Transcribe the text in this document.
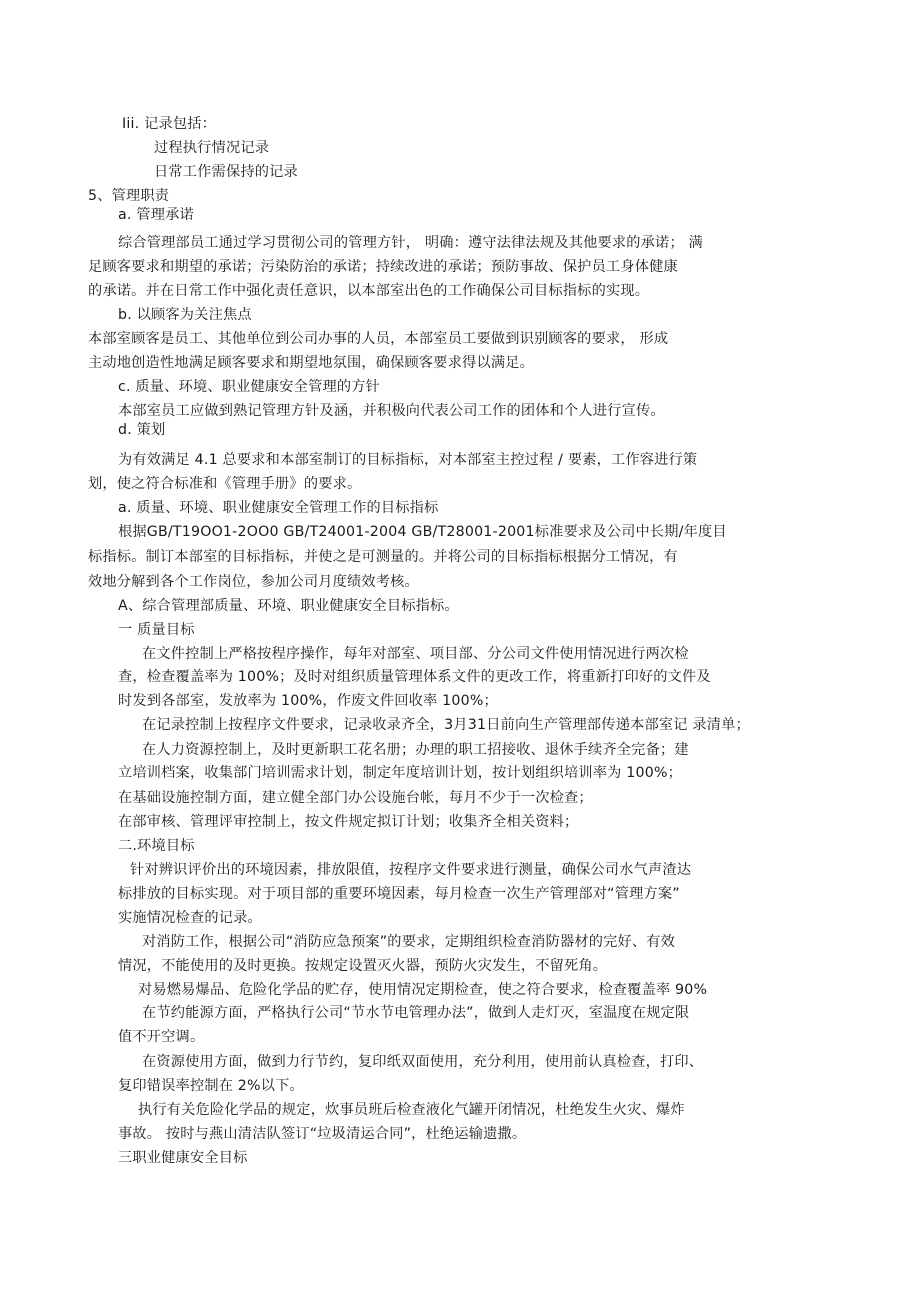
Iii. 记录包括：
过程执行情况记录
日常工作需保持的记录
5、管理职责
a. 管理承诺
综合管理部员工通过学习贯彻公司的管理方针， 明确：遵守法律法规及其他要求的承诺； 满
足顾客要求和期望的承诺；污染防治的承诺；持续改进的承诺；预防事故、保护员工身体健康
的承诺。并在日常工作中强化责任意识，以本部室出色的工作确保公司目标指标的实现。
b. 以顾客为关注焦点
本部室顾客是员工、其他单位到公司办事的人员，本部室员工要做到识别顾客的要求， 形成
主动地创造性地满足顾客要求和期望地氛围，确保顾客要求得以满足。
c. 质量、环境、职业健康安全管理的方针
本部室员工应做到熟记管理方针及涵，并积极向代表公司工作的团体和个人进行宣传。
d. 策划
为有效满足 4.1 总要求和本部室制订的目标指标，对本部室主控过程 / 要素，工作容进行策
划，使之符合标准和《管理手册》的要求。
a. 质量、环境、职业健康安全管理工作的目标指标
根据GB/T19OO1-2OO0 GB/T24001-2004 GB/T28001-2001标准要求及公司中长期/年度目
标指标。制订本部室的目标指标，并使之是可测量的。并将公司的目标指标根据分工情况，有
效地分解到各个工作岗位，参加公司月度绩效考核。
A、综合管理部质量、环境、职业健康安全目标指标。
一 质量目标
在文件控制上严格按程序操作，每年对部室、项目部、分公司文件使用情况进行两次检
查，检查覆盖率为 100%；及时对组织质量管理体系文件的更改工作，将重新打印好的文件及
时发到各部室，发放率为 100%，作废文件回收率 100%；
在记录控制上按程序文件要求，记录收录齐全，3月31日前向生产管理部传递本部室记 录清单；
在人力资源控制上，及时更新职工花名册；办理的职工招接收、退休手续齐全完备；建
立培训档案，收集部门培训需求计划，制定年度培训计划，按计划组织培训率为 100%；
在基础设施控制方面，建立健全部门办公设施台帐，每月不少于一次检查；
在部审核、管理评审控制上，按文件规定拟订计划；收集齐全相关资料；
二.环境目标
针对辨识评价出的环境因素，排放限值，按程序文件要求进行测量，确保公司水气声渣达
标排放的目标实现。对于项目部的重要环境因素，每月检查一次生产管理部对“管理方案”
实施情况检查的记录。
对消防工作，根据公司“消防应急预案”的要求，定期组织检查消防器材的完好、有效
情况，不能使用的及时更换。按规定设置灭火器，预防火灾发生，不留死角。
对易燃易爆品、危险化学品的贮存，使用情况定期检查，使之符合要求，检查覆盖率 90%
在节约能源方面，严格执行公司“节水节电管理办法”，做到人走灯灭，室温度在规定限
值不开空调。
在资源使用方面，做到力行节约，复印纸双面使用，充分利用，使用前认真检查，打印、
复印错误率控制在 2%以下。
执行有关危险化学品的规定，炊事员班后检查液化气罐开闭情况，杜绝发生火灾、爆炸
事故。 按时与燕山清洁队签订“垃圾清运合同”，杜绝运输遗撒。
三职业健康安全目标
